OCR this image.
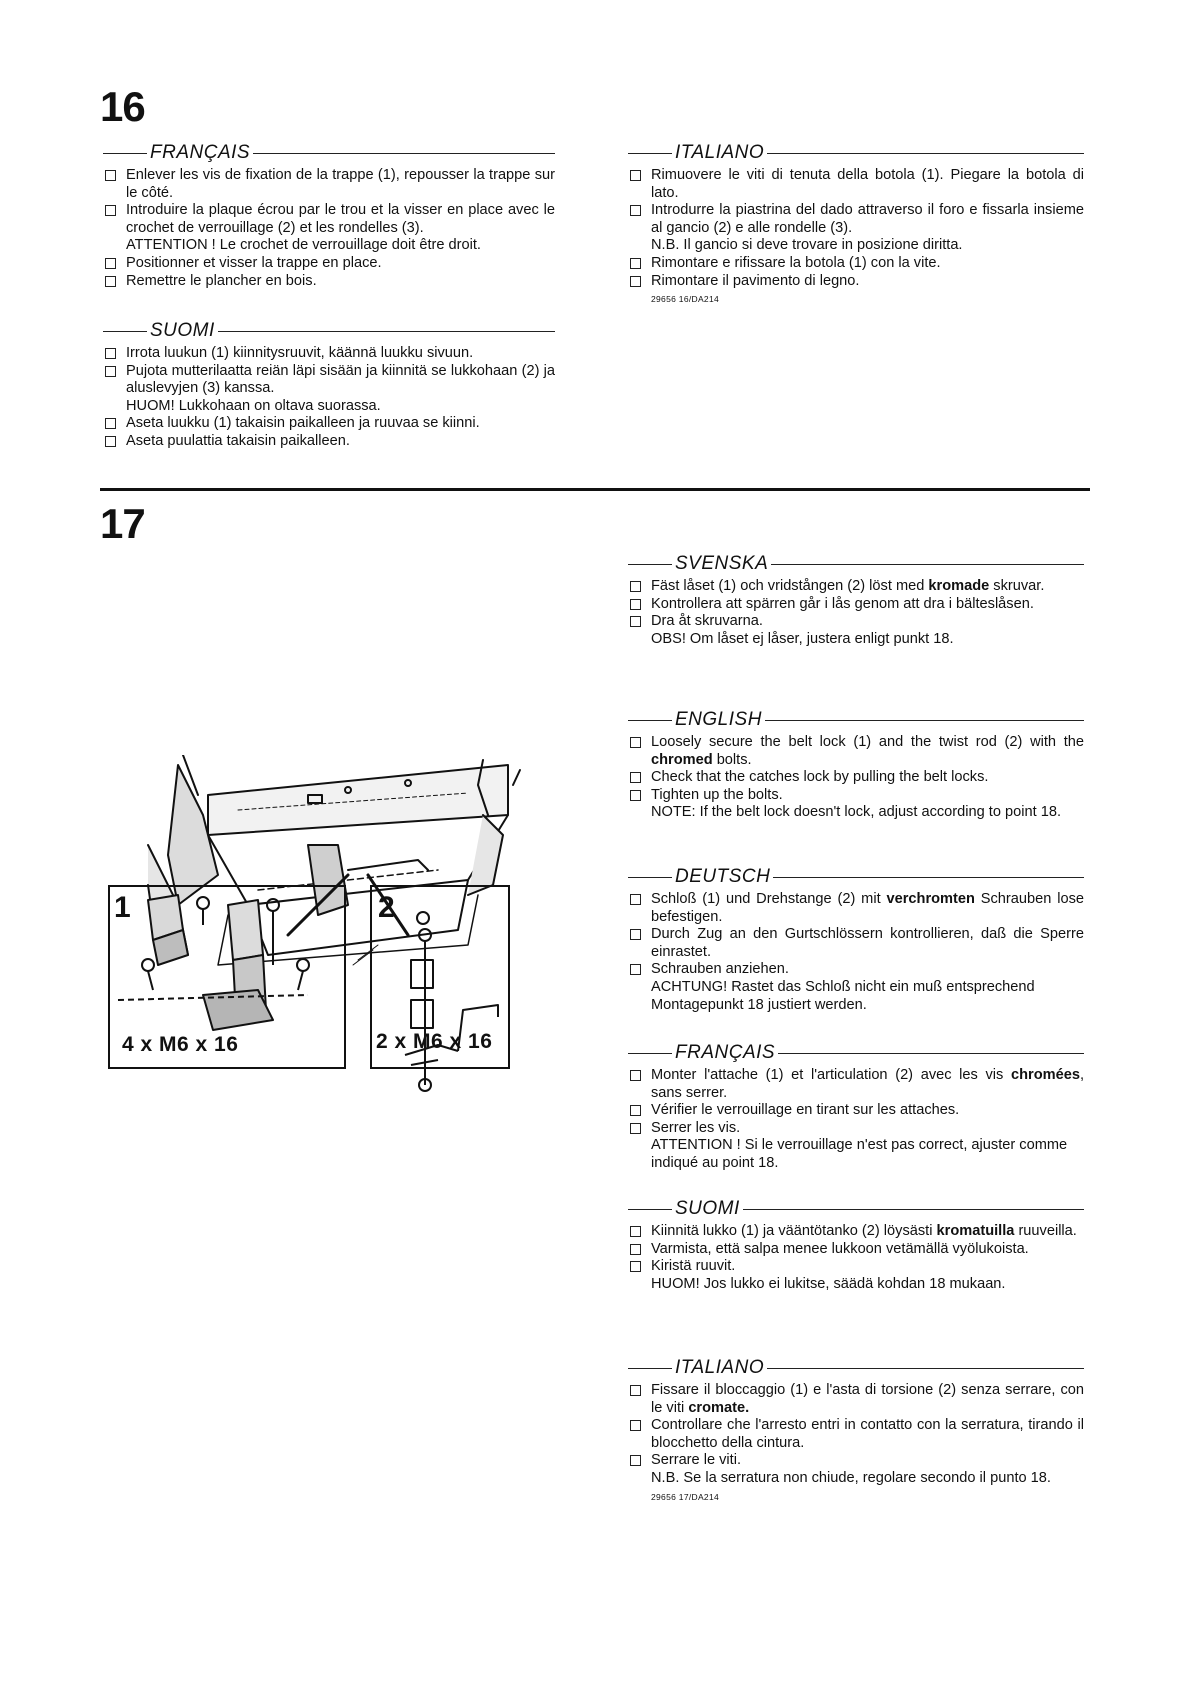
16
FRANÇAIS
Enlever les vis de fixation de la trappe (1), repousser la trappe sur le côté.
Introduire la plaque écrou par le trou et la visser en place avec le crochet de verrouillage (2) et les rondelles (3).
ATTENTION ! Le crochet de verrouillage doit être droit.
Positionner et visser la trappe en place.
Remettre le plancher en bois.
SUOMI
Irrota luukun (1) kiinnitysruuvit, käännä luukku sivuun.
Pujota mutterilaatta reiän läpi sisään ja kiinnitä se lukkohaan (2) ja aluslevyjen (3) kanssa.
HUOM! Lukkohaan on oltava suorassa.
Aseta luukku (1) takaisin paikalleen ja ruuvaa se kiinni.
Aseta puulattia takaisin paikalleen.
ITALIANO
Rimuovere le viti di tenuta della botola (1). Piegare la botola di lato.
Introdurre la piastrina del dado attraverso il foro e fissarla insieme al gancio (2) e alle rondelle (3).
N.B. Il gancio si deve trovare in posizione diritta.
Rimontare e rifissare la botola (1) con la vite.
Rimontare il pavimento di legno.
29656 16/DA214
17
1
4 x M6 x 16
2
2 x M6 x 16
SVENSKA
Fäst låset (1) och vridstången (2) löst med kromade skruvar.
Kontrollera att spärren går i lås genom att dra i bälteslåsen.
Dra åt skruvarna.
OBS! Om låset ej låser, justera enligt punkt 18.
ENGLISH
Loosely secure the belt lock (1) and the twist rod (2) with the chromed bolts.
Check that the catches lock by pulling the belt locks.
Tighten up the bolts.
NOTE: If the belt lock doesn't lock, adjust according to point 18.
DEUTSCH
Schloß (1) und Drehstange (2) mit verchromten Schrauben lose befestigen.
Durch Zug an den Gurtschlössern kontrollieren, daß die Sperre einrastet.
Schrauben anziehen.
ACHTUNG! Rastet das Schloß nicht ein muß entsprechend Montagepunkt 18 justiert werden.
FRANÇAIS
Monter l'attache (1) et l'articulation (2) avec les vis chromées, sans serrer.
Vérifier le verrouillage en tirant sur les attaches.
Serrer les vis.
ATTENTION ! Si le verrouillage n'est pas correct, ajuster comme indiqué au point 18.
SUOMI
Kiinnitä lukko (1) ja vääntötanko (2) löysästi kromatuilla ruuveilla.
Varmista, että salpa menee lukkoon vetämällä vyölukoista.
Kiristä ruuvit.
HUOM! Jos lukko ei lukitse, säädä kohdan 18 mukaan.
ITALIANO
Fissare il bloccaggio (1) e l'asta di torsione (2) senza serrare, con le viti cromate.
Controllare che l'arresto entri in contatto con la serratura, tirando il blocchetto della cintura.
Serrare le viti.
N.B. Se la serratura non chiude, regolare secondo il punto 18.
29656 17/DA214
